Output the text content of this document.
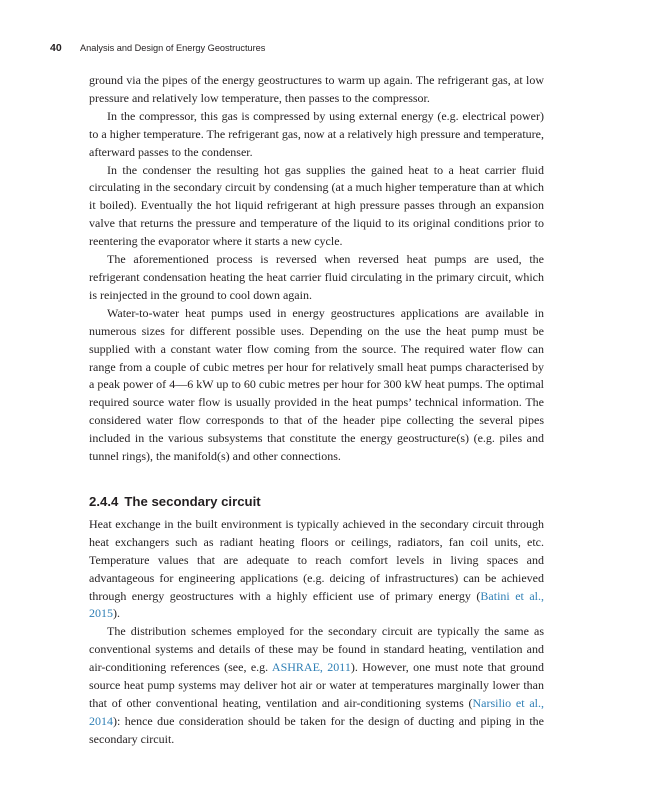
40 Analysis and Design of Energy Geostructures

ground via the pipes of the energy geostructures to warm up again. The refrigerant gas, at low pressure and relatively low temperature, then passes to the compressor.

In the compressor, this gas is compressed by using external energy (e.g. electrical power) to a higher temperature. The refrigerant gas, now at a relatively high pressure and temperature, afterward passes to the condenser.

In the condenser the resulting hot gas supplies the gained heat to a heat carrier fluid circulating in the secondary circuit by condensing (at a much higher temperature than at which it boiled). Eventually the hot liquid refrigerant at high pressure passes through an expansion valve that returns the pressure and temperature of the liquid to its original conditions prior to reentering the evaporator where it starts a new cycle.

The aforementioned process is reversed when reversed heat pumps are used, the refrigerant condensation heating the heat carrier fluid circulating in the primary circuit, which is reinjected in the ground to cool down again.

Water-to-water heat pumps used in energy geostructures applications are available in numerous sizes for different possible uses. Depending on the use the heat pump must be supplied with a constant water flow coming from the source. The required water flow can range from a couple of cubic metres per hour for relatively small heat pumps characterised by a peak power of 4—6 kW up to 60 cubic metres per hour for 300 kW heat pumps. The optimal required source water flow is usually provided in the heat pumps’ technical information. The considered water flow corresponds to that of the header pipe collecting the several pipes included in the various subsystems that constitute the energy geostructure(s) (e.g. piles and tunnel rings), the manifold(s) and other connections.

2.4.4 The secondary circuit

Heat exchange in the built environment is typically achieved in the secondary circuit through heat exchangers such as radiant heating floors or ceilings, radiators, fan coil units, etc. Temperature values that are adequate to reach comfort levels in living spaces and advantageous for engineering applications (e.g. deicing of infrastructures) can be achieved through energy geostructures with a highly efficient use of primary energy (Batini et al., 2015).

The distribution schemes employed for the secondary circuit are typically the same as conventional systems and details of these may be found in standard heating, ventilation and air-conditioning references (see, e.g. ASHRAE, 2011). However, one must note that ground source heat pump systems may deliver hot air or water at temperatures marginally lower than that of other conventional heating, ventilation and air-conditioning systems (Narsilio et al., 2014): hence due consideration should be taken for the design of ducting and piping in the secondary circuit.
